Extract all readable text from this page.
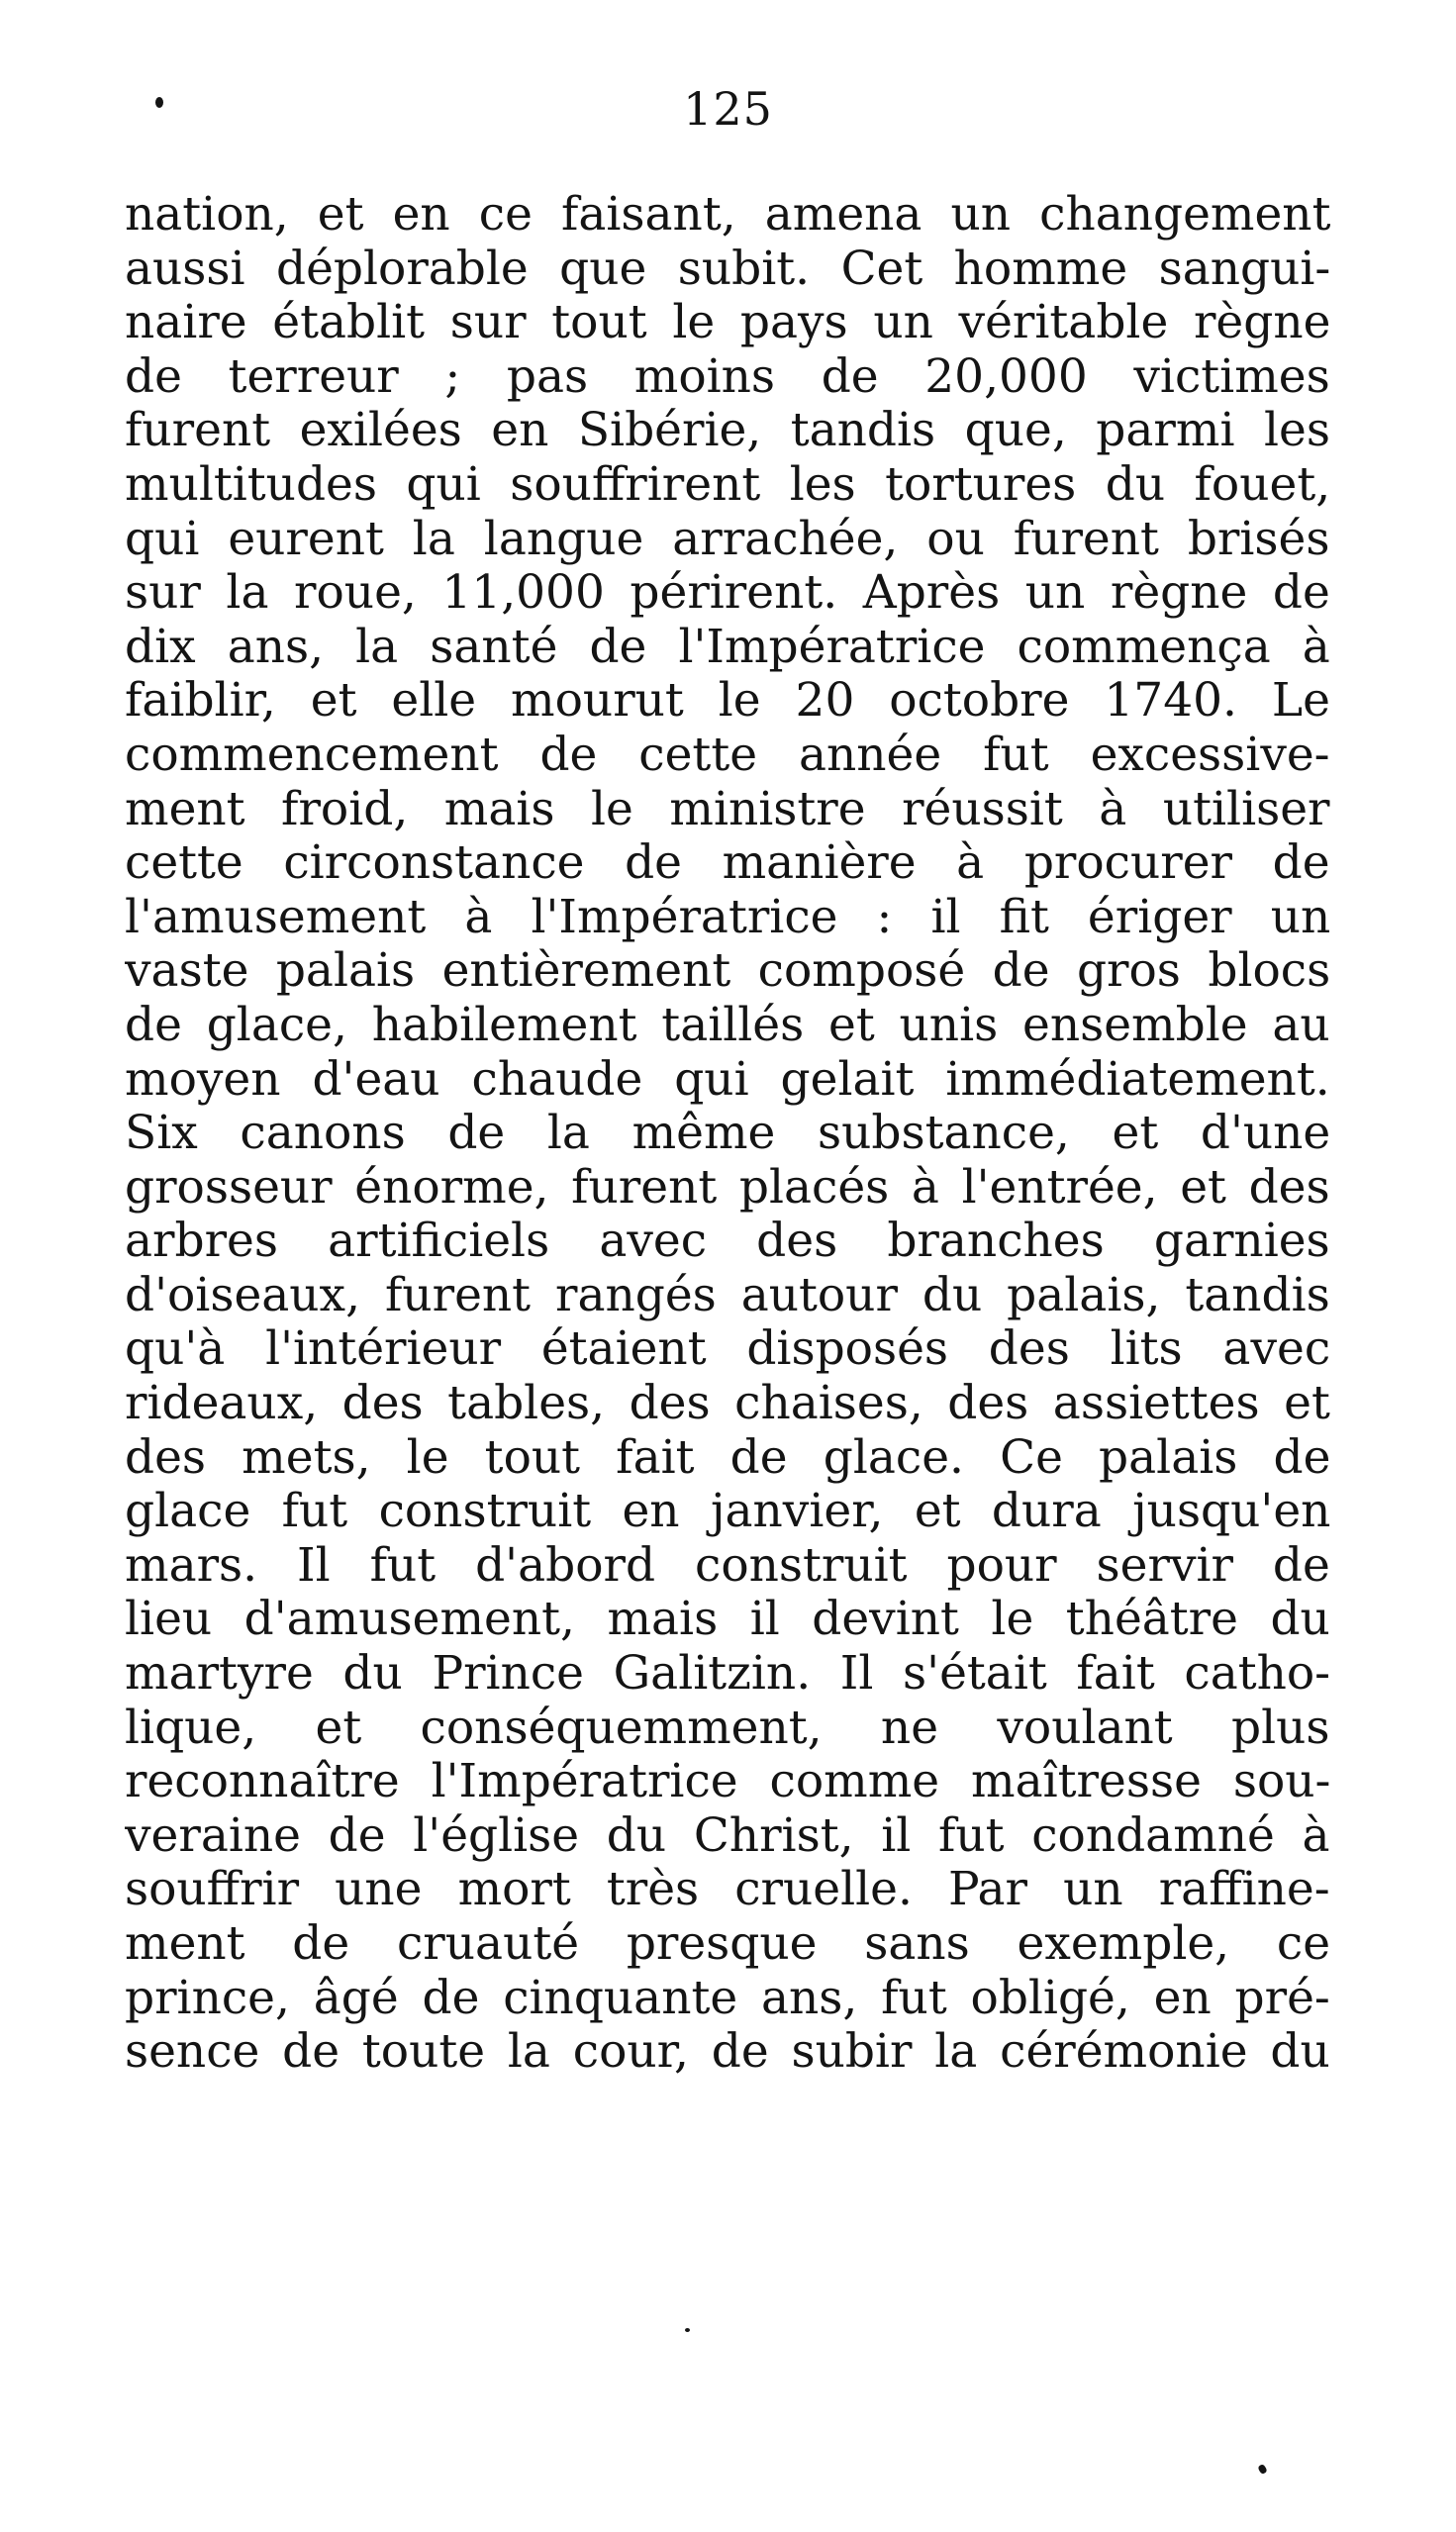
125
nation, et en ce faisant, amena un changement
aussi déplorable que subit. Cet homme sangui-
naire établit sur tout le pays un véritable règne
de terreur ; pas moins de 20,000 victimes
furent exilées en Sibérie, tandis que, parmi les
multitudes qui souffrirent les tortures du fouet,
qui eurent la langue arrachée, ou furent brisés
sur la roue, 11,000 périrent. Après un règne de
dix ans, la santé de l'Impératrice commença à
faiblir, et elle mourut le 20 octobre 1740. Le
commencement de cette année fut excessive-
ment froid, mais le ministre réussit à utiliser
cette circonstance de manière à procurer de
l'amusement à l'Impératrice : il fit ériger un
vaste palais entièrement composé de gros blocs
de glace, habilement taillés et unis ensemble au
moyen d'eau chaude qui gelait immédiatement.
Six canons de la même substance, et d'une
grosseur énorme, furent placés à l'entrée, et des
arbres artificiels avec des branches garnies
d'oiseaux, furent rangés autour du palais, tandis
qu'à l'intérieur étaient disposés des lits avec
rideaux, des tables, des chaises, des assiettes et
des mets, le tout fait de glace. Ce palais de
glace fut construit en janvier, et dura jusqu'en
mars. Il fut d'abord construit pour servir de
lieu d'amusement, mais il devint le théâtre du
martyre du Prince Galitzin. Il s'était fait catho-
lique, et conséquemment, ne voulant plus
reconnaître l'Impératrice comme maîtresse sou-
veraine de l'église du Christ, il fut condamné à
souffrir une mort très cruelle. Par un raffine-
ment de cruauté presque sans exemple, ce
prince, âgé de cinquante ans, fut obligé, en pré-
sence de toute la cour, de subir la cérémonie du
